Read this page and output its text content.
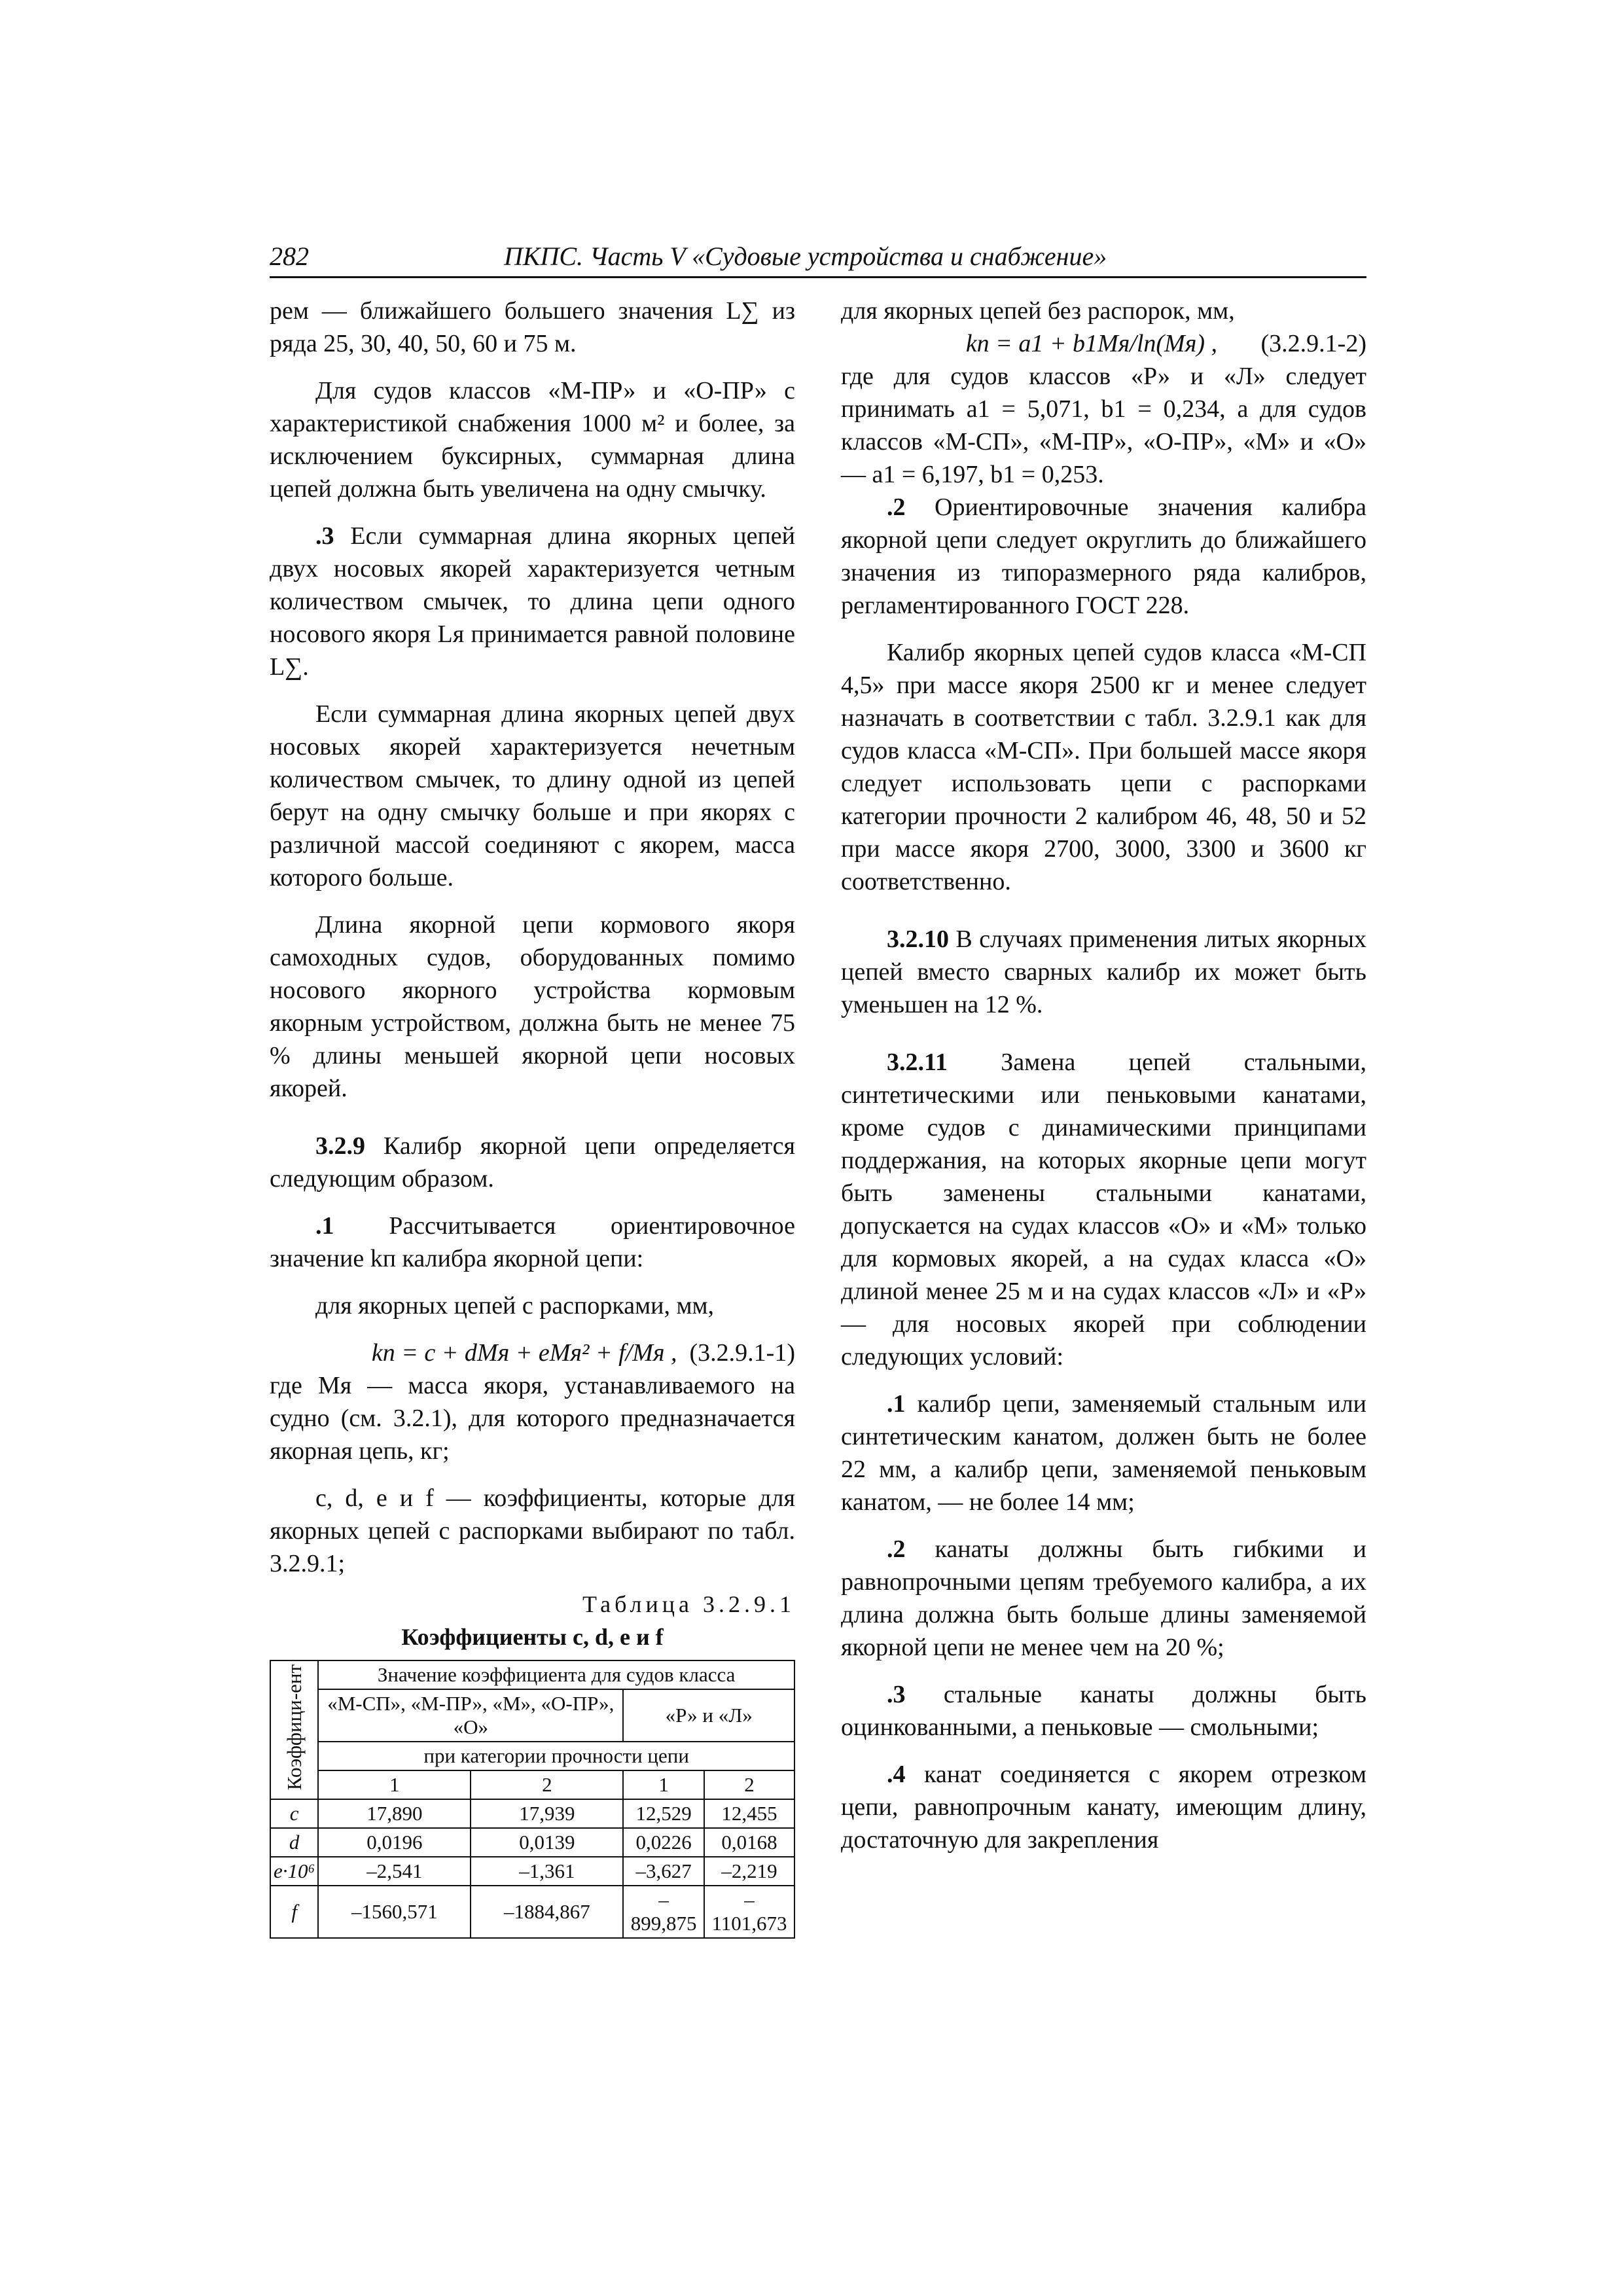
282	ПКПС. Часть V «Судовые устройства и снабжение»

рем — ближайшего большего значения L∑ из ряда 25, 30, 40, 50, 60 и 75 м.

Для судов классов «М-ПР» и «О-ПР» с характеристикой снабжения 1000 м² и более, за исключением буксирных, суммарная длина цепей должна быть увеличена на одну смычку.

.3 Если суммарная длина якорных цепей двух носовых якорей характеризуется четным количеством смычек, то длина цепи одного носового якоря Lя принимается равной половине L∑.

Если суммарная длина якорных цепей двух носовых якорей характеризуется нечетным количеством смычек, то длину одной из цепей берут на одну смычку больше и при якорях с различной массой соединяют с якорем, масса которого больше.

Длина якорной цепи кормового якоря самоходных судов, оборудованных помимо носового якорного устройства кормовым якорным устройством, должна быть не менее 75 % длины меньшей якорной цепи носовых якорей.

3.2.9 Калибр якорной цепи определяется следующим образом.

.1 Рассчитывается ориентировочное значение kп калибра якорной цепи:

для якорных цепей с распорками, мм,

kп = c + dMя + eMя² + f/Mя , (3.2.9.1-1)

где Mя — масса якоря, устанавливаемого на судно (см. 3.2.1), для которого предназначается якорная цепь, кг;

c, d, e и f — коэффициенты, которые для якорных цепей с распорками выбирают по табл. 3.2.9.1;

Таблица 3.2.9.1

Коэффициенты c, d, e и f

Коэффици-ент	Значение коэффициента для судов класса			
	«М-СП», «М-ПР», «М», «О-ПР», «О»		«Р» и «Л»	
	при категории прочности цепи			
	1	2	1	2
c	17,890	17,939	12,529	12,455
d	0,0196	0,0139	0,0226	0,0168
e·10⁶	–2,541	–1,361	–3,627	–2,219
f	–1560,571	–1884,867	–899,875	–1101,673

для якорных цепей без распорок, мм,

kп = a1 + b1Mя/ln(Mя) , (3.2.9.1-2)

где для судов классов «Р» и «Л» следует принимать a1 = 5,071, b1 = 0,234, а для судов классов «М-СП», «М-ПР», «О-ПР», «М» и «О» — a1 = 6,197, b1 = 0,253.

.2 Ориентировочные значения калибра якорной цепи следует округлить до ближайшего значения из типоразмерного ряда калибров, регламентированного ГОСТ 228.

Калибр якорных цепей судов класса «М-СП 4,5» при массе якоря 2500 кг и менее следует назначать в соответствии с табл. 3.2.9.1 как для судов класса «М-СП». При большей массе якоря следует использовать цепи с распорками категории прочности 2 калибром 46, 48, 50 и 52 при массе якоря 2700, 3000, 3300 и 3600 кг соответственно.

3.2.10 В случаях применения литых якорных цепей вместо сварных калибр их может быть уменьшен на 12 %.

3.2.11 Замена цепей стальными, синтетическими или пеньковыми канатами, кроме судов с динамическими принципами поддержания, на которых якорные цепи могут быть заменены стальными канатами, допускается на судах классов «О» и «М» только для кормовых якорей, а на судах класса «О» длиной менее 25 м и на судах классов «Л» и «Р» — для носовых якорей при соблюдении следующих условий:

.1 калибр цепи, заменяемый стальным или синтетическим канатом, должен быть не более 22 мм, а калибр цепи, заменяемой пеньковым канатом, — не более 14 мм;

.2 канаты должны быть гибкими и равнопрочными цепям требуемого калибра, а их длина должна быть больше длины заменяемой якорной цепи не менее чем на 20 %;

.3 стальные канаты должны быть оцинкованными, а пеньковые — смольными;

.4 канат соединяется с якорем отрезком цепи, равнопрочным канату, имеющим длину, достаточную для закрепления
